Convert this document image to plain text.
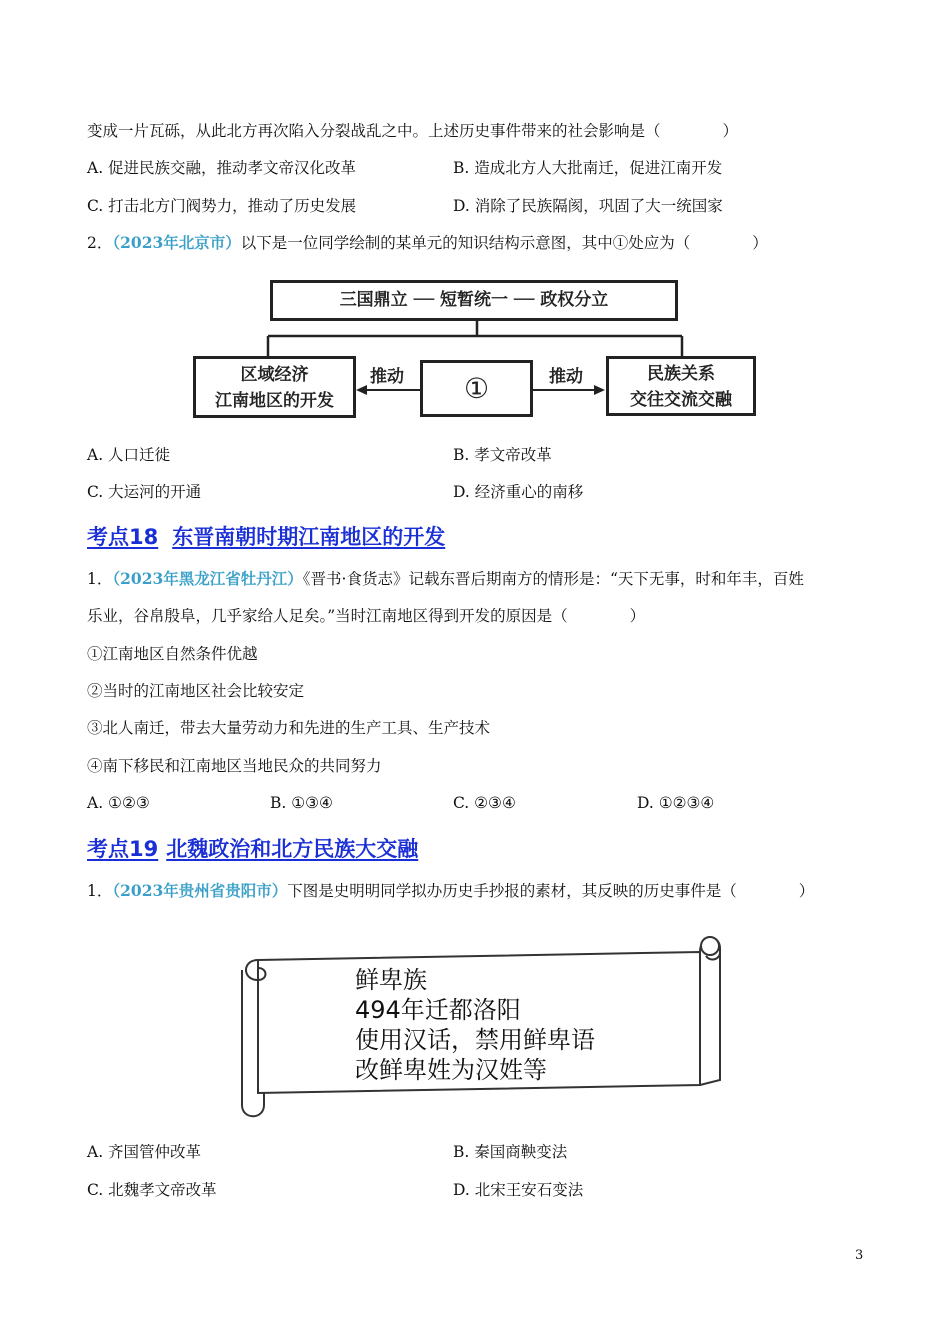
变成一片瓦砾，从此北方再次陷入分裂战乱之中。上述历史事件带来的社会影响是（　　　　）
A. 促进民族交融，推动孝文帝汉化改革	B. 造成北方人大批南迁，促进江南开发
C. 打击北方门阀势力，推动了历史发展	D. 消除了民族隔阂，巩固了大一统国家
2．（2023年北京市）以下是一位同学绘制的某单元的知识结构示意图，其中①处应为（　　　　）
三国鼎立 ── 短暂统一 ── 政权分立
区域经济
江南地区的开发
推动	①	推动	民族关系
交往交流交融
A. 人口迁徙	B. 孝文帝改革
C. 大运河的开通	D. 经济重心的南移
考点18 东晋南朝时期江南地区的开发
1．（2023年黑龙江省牡丹江）《晋书·食货志》记载东晋后期南方的情形是：“天下无事，时和年丰，百姓
乐业，谷帛殷阜，几乎家给人足矣。”当时江南地区得到开发的原因是（　　　　）
①江南地区自然条件优越
②当时的江南地区社会比较安定
③北人南迁，带去大量劳动力和先进的生产工具、生产技术
④南下移民和江南地区当地民众的共同努力
A. ①②③	B. ①③④	C. ②③④	D. ①②③④
考点19 北魏政治和北方民族大交融
1．（2023年贵州省贵阳市）下图是史明明同学拟办历史手抄报的素材，其反映的历史事件是（　　　　）
鲜卑族
494年迁都洛阳
使用汉话，禁用鲜卑语
改鲜卑姓为汉姓等
A. 齐国管仲改革	B. 秦国商鞅变法
C. 北魏孝文帝改革	D. 北宋王安石变法
3
